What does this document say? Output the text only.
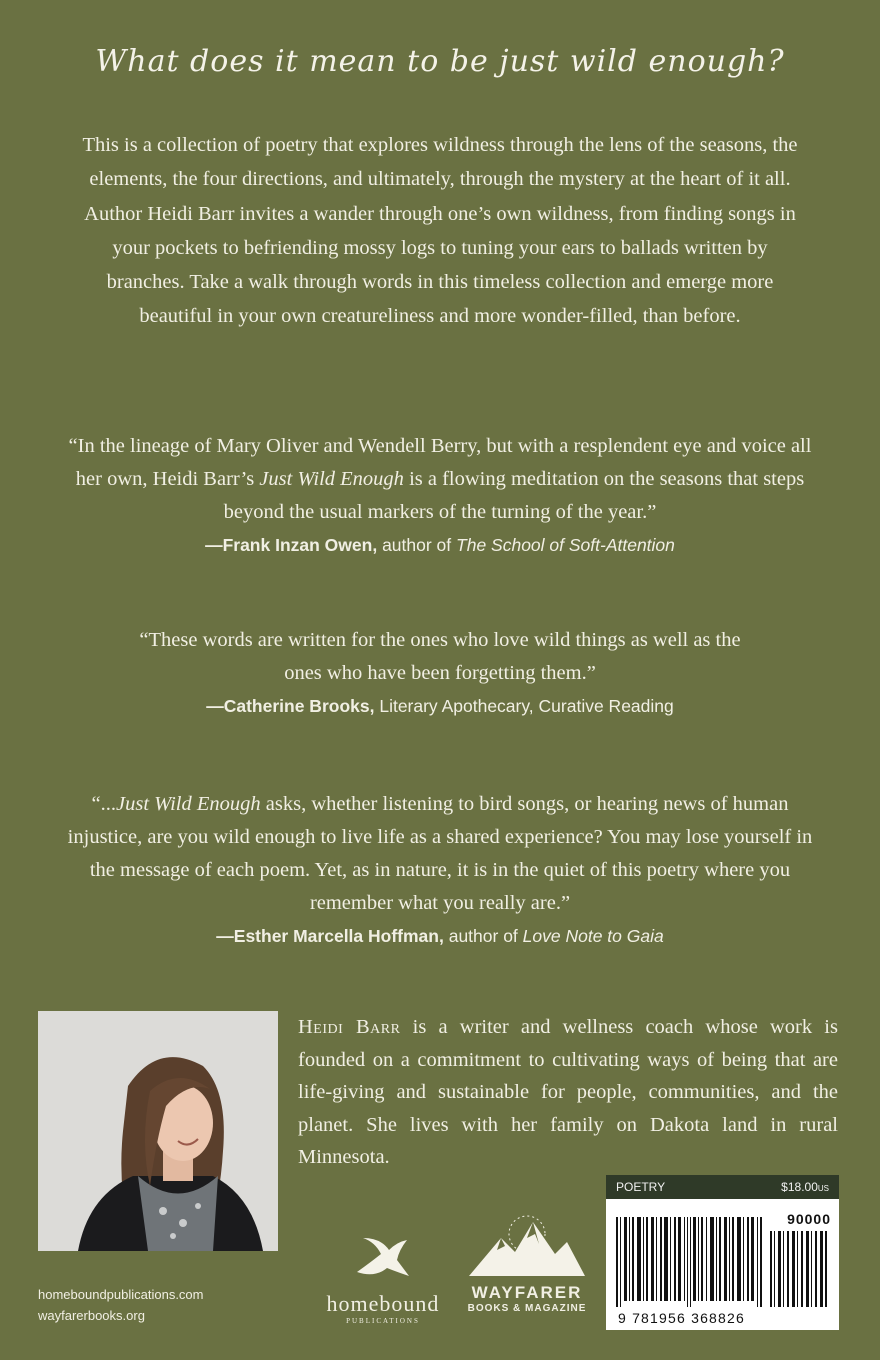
What does it mean to be just wild enough?
This is a collection of poetry that explores wildness through the lens of the seasons, the elements, the four directions, and ultimately, through the mystery at the heart of it all. Author Heidi Barr invites a wander through one’s own wildness, from finding songs in your pockets to befriending mossy logs to tuning your ears to ballads written by branches. Take a walk through words in this timeless collection and emerge more beautiful in your own creatureliness and more wonder-filled, than before.
“In the lineage of Mary Oliver and Wendell Berry, but with a resplendent eye and voice all her own, Heidi Barr’s Just Wild Enough is a flowing meditation on the seasons that steps beyond the usual markers of the turning of the year.”
—Frank Inzan Owen, author of The School of Soft-Attention
“These words are written for the ones who love wild things as well as the ones who have been forgetting them.”
—Catherine Brooks, Literary Apothecary, Curative Reading
“...Just Wild Enough asks, whether listening to bird songs, or hearing news of human injustice, are you wild enough to live life as a shared experience? You may lose yourself in the message of each poem. Yet, as in nature, it is in the quiet of this poetry where you remember what you really are.”
—Esther Marcella Hoffman, author of Love Note to Gaia
Heidi Barr is a writer and wellness coach whose work is founded on a commitment to cultivating ways of being that are life-giving and sustainable for people, communities, and the planet. She lives with her family on Dakota land in rural Minnesota.
homeboundpublications.com
wayfarerbooks.org	homebound
PUBLICATIONS
WAYFARER
BOOKS & MAGAZINE
POETRY	$18.00US
90000
9 781956 368826
